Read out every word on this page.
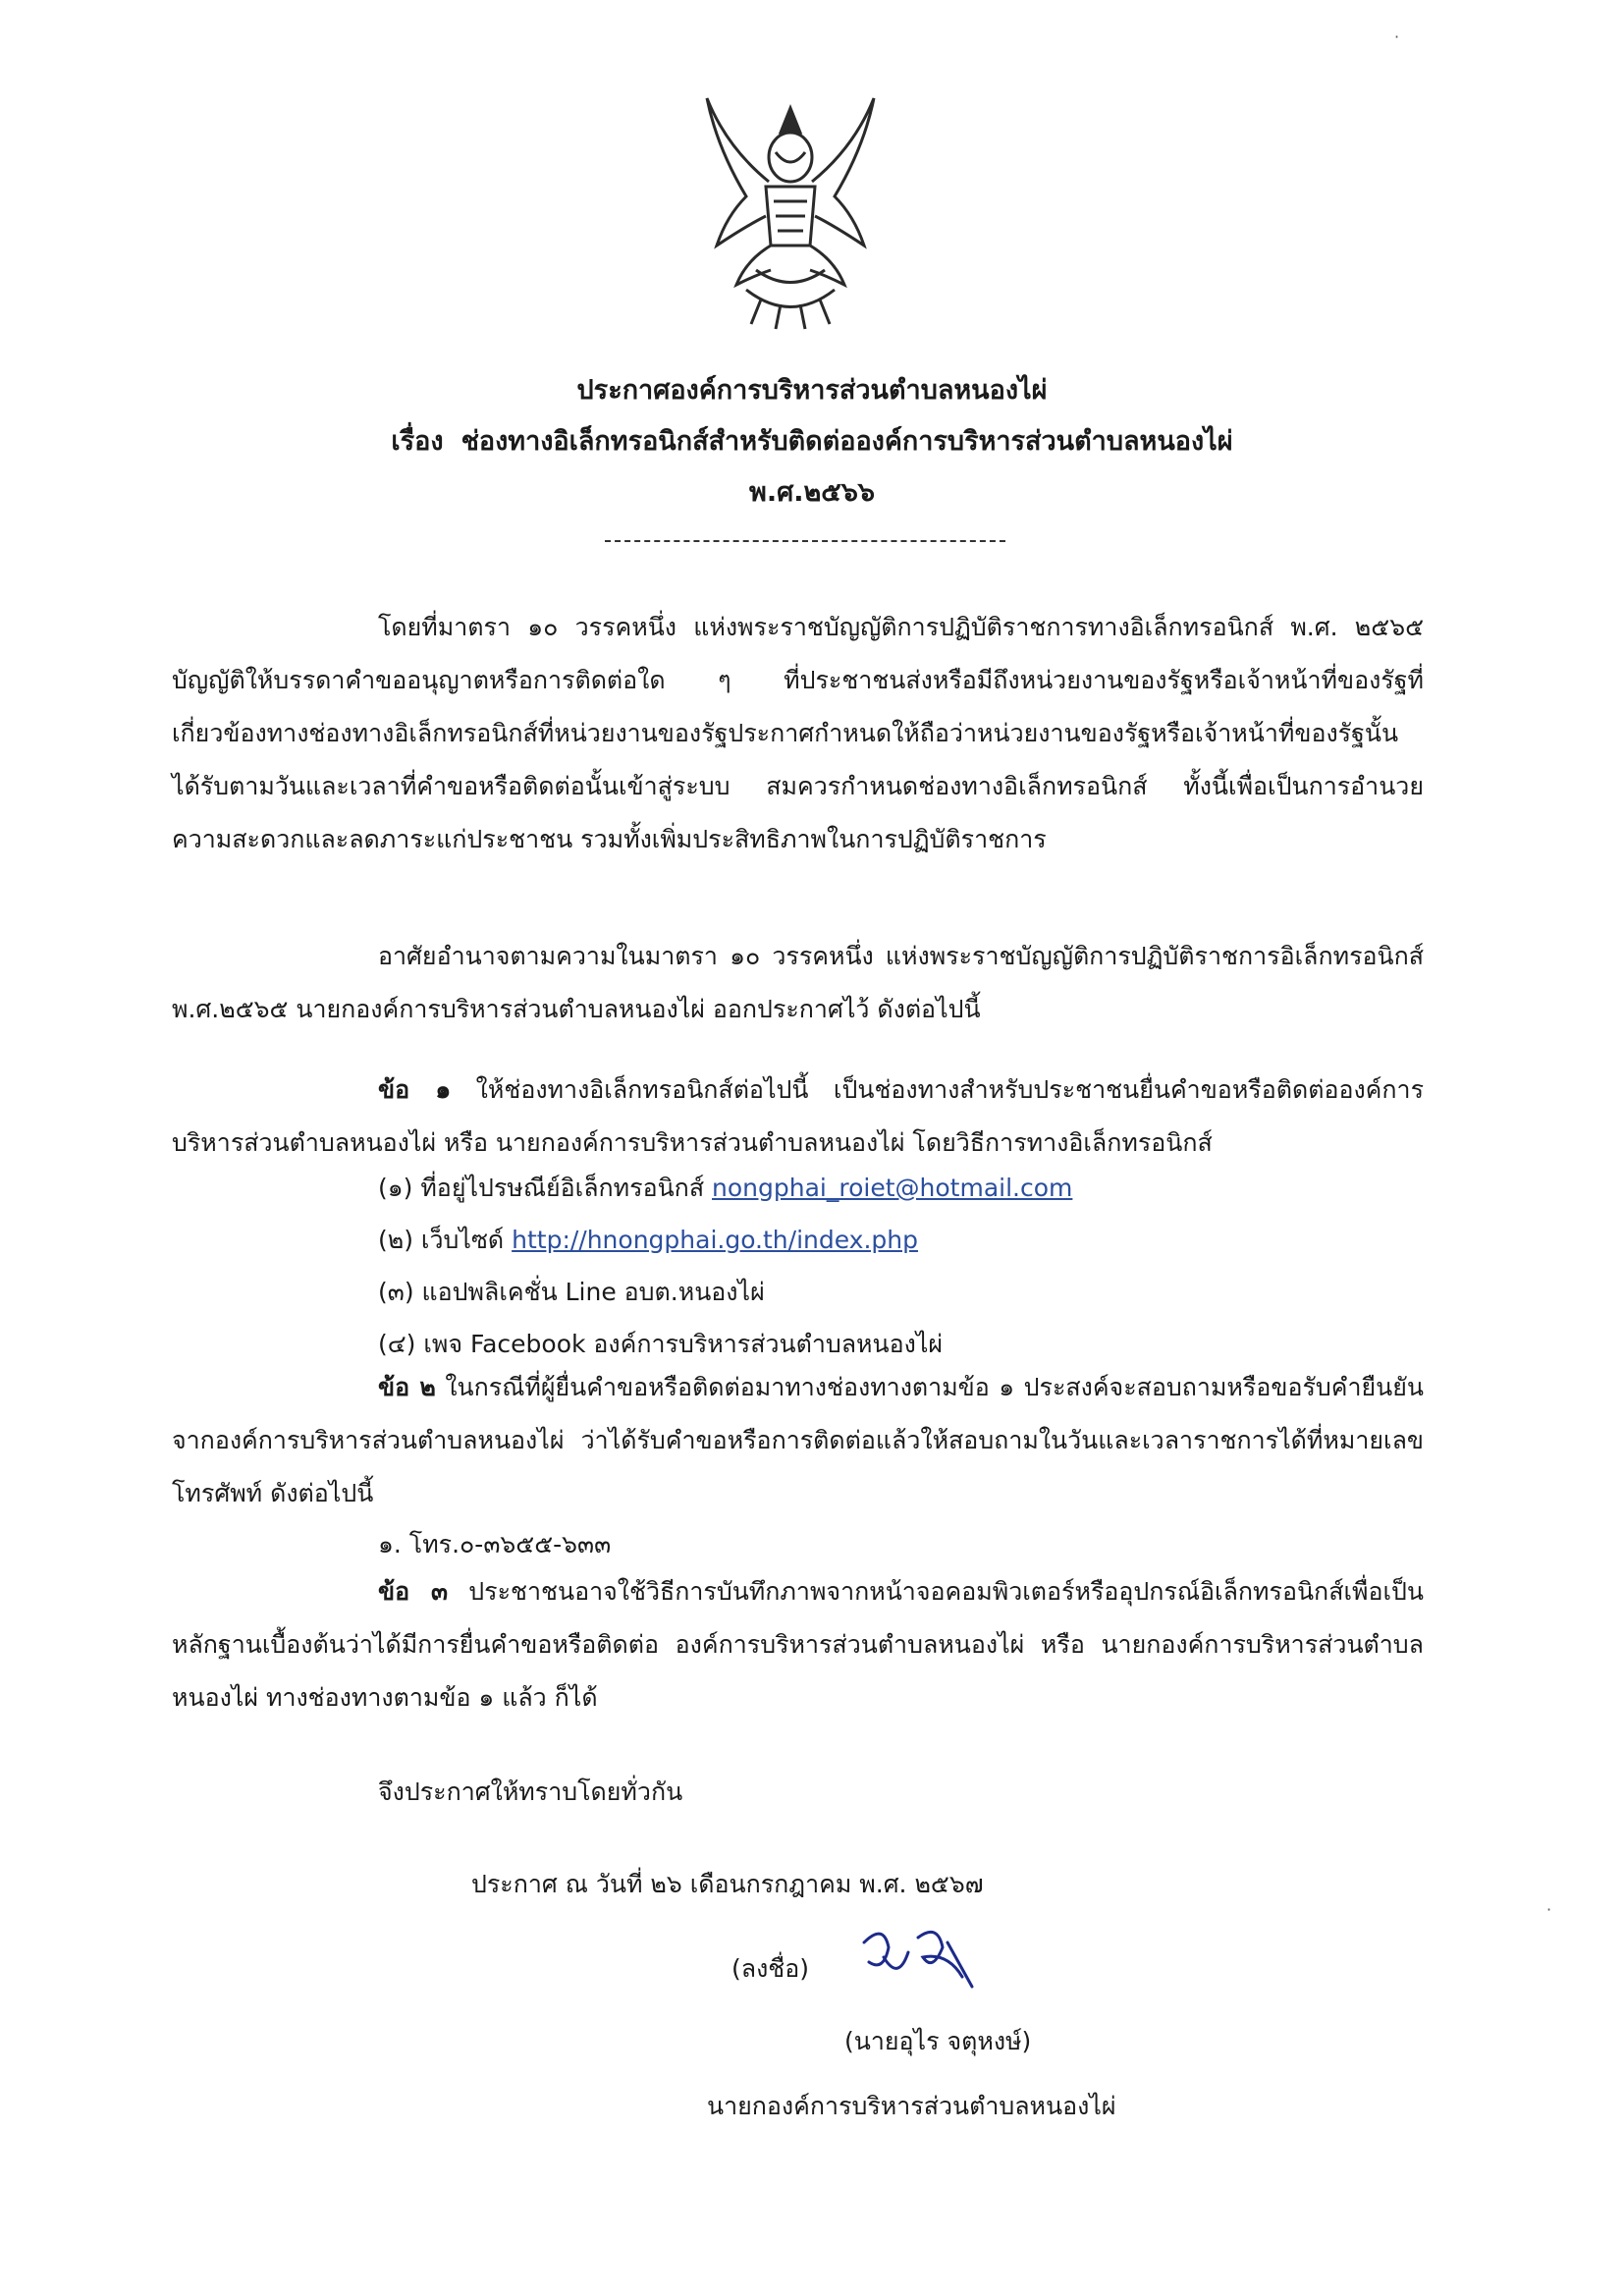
ประกาศองค์การบริหารส่วนตำบลหนองไผ่
เรื่อง ช่องทางอิเล็กทรอนิกส์สำหรับติดต่อองค์การบริหารส่วนตำบลหนองไผ่
พ.ศ.๒๕๖๖

โดยที่มาตรา ๑๐ วรรคหนึ่ง แห่งพระราชบัญญัติการปฏิบัติราชการทางอิเล็กทรอนิกส์ พ.ศ. ๒๕๖๕ บัญญัติให้บรรดาคำขออนุญาตหรือการติดต่อใด ๆ ที่ประชาชนส่งหรือมีถึงหน่วยงานของรัฐหรือเจ้าหน้าที่ของรัฐที่เกี่ยวข้องทางช่องทางอิเล็กทรอนิกส์ที่หน่วยงานของรัฐประกาศกำหนดให้ถือว่าหน่วยงานของรัฐหรือเจ้าหน้าที่ของรัฐนั้นได้รับตามวันและเวลาที่คำขอหรือติดต่อนั้นเข้าสู่ระบบ สมควรกำหนดช่องทางอิเล็กทรอนิกส์ ทั้งนี้เพื่อเป็นการอำนวยความสะดวกและลดภาระแก่ประชาชน รวมทั้งเพิ่มประสิทธิภาพในการปฏิบัติราชการ

อาศัยอำนาจตามความในมาตรา ๑๐ วรรคหนึ่ง แห่งพระราชบัญญัติการปฏิบัติราชการอิเล็กทรอนิกส์ พ.ศ.๒๕๖๕ นายกองค์การบริหารส่วนตำบลหนองไผ่ ออกประกาศไว้ ดังต่อไปนี้

ข้อ ๑ ให้ช่องทางอิเล็กทรอนิกส์ต่อไปนี้ เป็นช่องทางสำหรับประชาชนยื่นคำขอหรือติดต่อองค์การบริหารส่วนตำบลหนองไผ่ หรือ นายกองค์การบริหารส่วนตำบลหนองไผ่ โดยวิธีการทางอิเล็กทรอนิกส์

(๑) ที่อยู่ไปรษณีย์อิเล็กทรอนิกส์ nongphai_roiet@hotmail.com
(๒) เว็บไซด์ http://hnongphai.go.th/index.php
(๓) แอปพลิเคชั่น Line อบต.หนองไผ่
(๔) เพจ Facebook องค์การบริหารส่วนตำบลหนองไผ่

ข้อ ๒ ในกรณีที่ผู้ยื่นคำขอหรือติดต่อมาทางช่องทางตามข้อ ๑ ประสงค์จะสอบถามหรือขอรับคำยืนยันจากองค์การบริหารส่วนตำบลหนองไผ่ ว่าได้รับคำขอหรือการติดต่อแล้วให้สอบถามในวันและเวลาราชการได้ที่หมายเลขโทรศัพท์ ดังต่อไปนี้

๑. โทร.๐-๓๖๕๕-๖๓๓

ข้อ ๓ ประชาชนอาจใช้วิธีการบันทึกภาพจากหน้าจอคอมพิวเตอร์หรืออุปกรณ์อิเล็กทรอนิกส์เพื่อเป็นหลักฐานเบื้องต้นว่าได้มีการยื่นคำขอหรือติดต่อ องค์การบริหารส่วนตำบลหนองไผ่ หรือ นายกองค์การบริหารส่วนตำบลหนองไผ่ ทางช่องทางตามข้อ ๑ แล้ว ก็ได้

จึงประกาศให้ทราบโดยทั่วกัน
ประกาศ ณ วันที่ ๒๖ เดือนกรกฎาคม พ.ศ. ๒๕๖๗
(ลงชื่อ)
(นายอุไร จตุหงษ์)
นายกองค์การบริหารส่วนตำบลหนองไผ่
·
·
